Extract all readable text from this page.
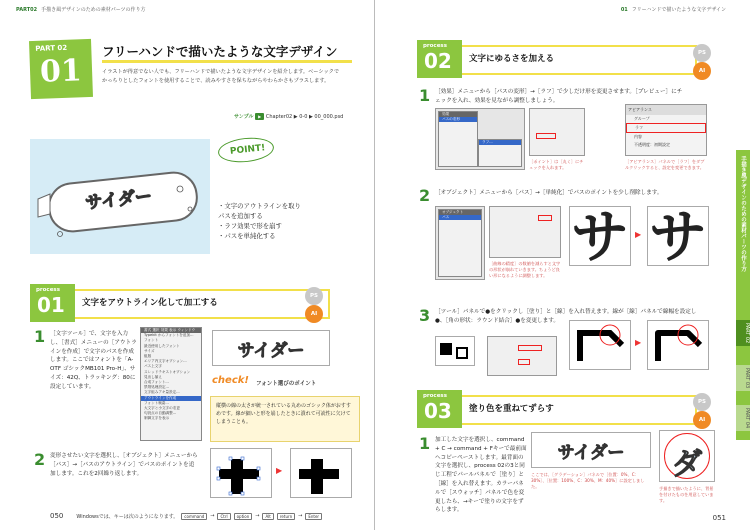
PART02 手描き風デザインのための素材パーツの作り方
PART 02
01
フリーハンドで描いたような文字デザイン
イラストが得意でない人でも、フリーハンドで描いたような文字デザインを紹介します。ベーシックでかっちりとしたフォントを使用することで、読みやすさを保ちながらやわらかさもプラスします。
サンプル ▶ Chapter02 ▶ 0-0 ▶ 00_000.psd
サイダー
POINT!
・文字のアウトラインを取り
パスを追加する
・ラフ効果で形を崩す
・パスを単純化する
process
01 文字をアウトライン化して加工する
PS
AI
1 ［文字ツール］で、文字を入力し、［書式］メニューの［アウトラインを作成］で文字のパスを作成します。ここではフォントを「A-OTF ゴシックMB101 Pro-H」、サイズ：42Q、トラッキング：80に設定しています。
書式 選択 効果 表示 ウィンドウ
Typekit からフォントを追加...
フォント
最近使用したフォント
サイズ
組版
エリア内文字オプション...
パス上文字
スレッドテキストオプション
見出し揃え
合成フォント...
禁則処理設定...
文字組みアキ量設定...
アウトラインを作成
フォント検索...
大文字と小文字の変更
句読点の自動調整...
制御文字を表示
サイダー
check! フォント選びのポイント
縦横の線の太さが統一されている丸めのゴシック体がおすすめです。線が細いと形を崩したときに潰れて可読性に欠けてしまうことも。
2 変形させたい文字を選択し、［オブジェクト］メニューから［パス］→［パスのアウトライン］でパスのポイントを追加します。これを2回繰り返します。	▶
050	Windowsでは、キーは次のようになります。	command	→	Ctrl	option	→	Alt	return	→	Enter
01 フリーハンドで描いたような文字デザイン
process
02 文字にゆるさを加える
PS
AI
1 ［効果］メニューから［パスの変形］→［ラフ］で少しだけ形を変更させます。［プレビュー］にチェックを入れ、効果を見ながら調整しましょう。
効果
パスの変形
ラフ...
［ポイント］は［丸く］にチェックを入れます。
アピアランス
グループ
ラフ
内容
不透明度：初期設定
［アピアランス］パネルで［ラフ］をダブルクリックすると、設定を変更できます。
2 ［オブジェクト］メニューから［パス］→［単純化］でパスのポイントを少し削除します。
オブジェクト
パス
［曲線の精度］の数値を減らすと文字の形状が崩れていきます。ちょうど良い形になるように調整します。
サ ▶ サ
3 ［ツール］パネルで●をクリックし［塗り］と［線］を入れ替えます。線が［線］パネルで線幅を設定し●、［角の形状：ラウンド結合］●を変更します。
▶
process
03 塗り色を重ねてずらす
PS
AI
1 加工した文字を選択し、command + C → command + Fキーで最前面へコピーペーストします。最背面の文字を選択し、process 02の3と同じ工程でパールパネルで［塗り］と［線］を入れ替えます。カラーパネルで［スウォッチ］パネルで色を変更したら、→キーで塗りの文字をずらします。
サイダー ダ
ここでは、［グラデーション］パネルで［位置：0%、C：30%］、［位置：100%、C：30%、M：40%］に設定しました。	手描きで描いたように、背景を付けたものを用意しています。
051
手描き風デザインのための素材パーツの作り方
PART 02
PART 03
PART 04
